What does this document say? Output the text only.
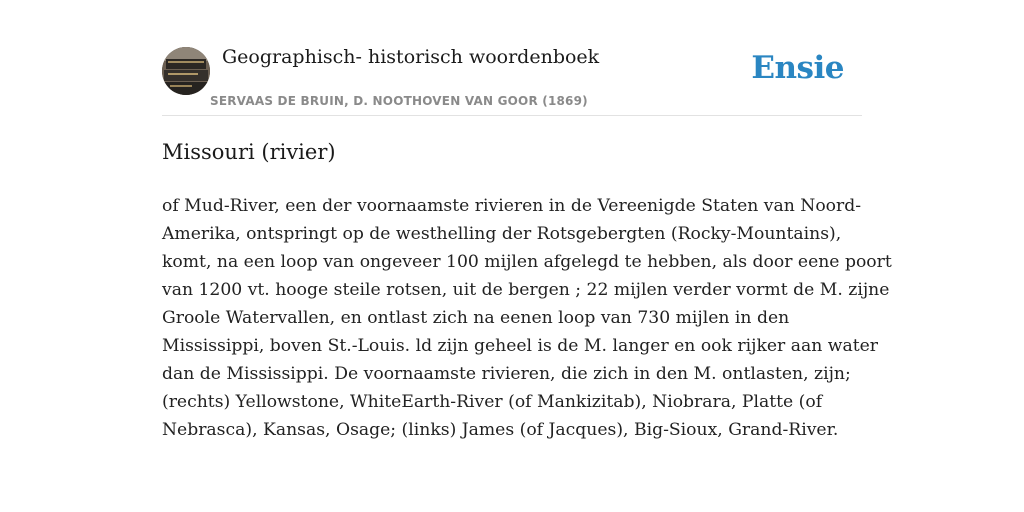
Geographisch- historisch woordenboek
SERVAAS DE BRUIN, D. NOOTHOVEN VAN GOOR (1869)
Ensie
Missouri (rivier)

of Mud-River, een der voornaamste rivieren in de Vereenigde Staten van Noord-
Amerika, ontspringt op de westhelling der Rotsgebergten (Rocky-Mountains),
komt, na een loop van ongeveer 100 mijlen afgelegd te hebben, als door eene poort
van 1200 vt. hooge steile rotsen, uit de bergen ; 22 mijlen verder vormt de M. zijne
Groole Watervallen, en ontlast zich na eenen loop van 730 mijlen in den
Mississippi, boven St.-Louis. ld zijn geheel is de M. langer en ook rijker aan water
dan de Mississippi. De voornaamste rivieren, die zich in den M. ontlasten, zijn;
(rechts) Yellowstone, WhiteEarth-River (of Mankizitab), Niobrara, Platte (of
Nebrasca), Kansas, Osage; (links) James (of Jacques), Big-Sioux, Grand-River.
